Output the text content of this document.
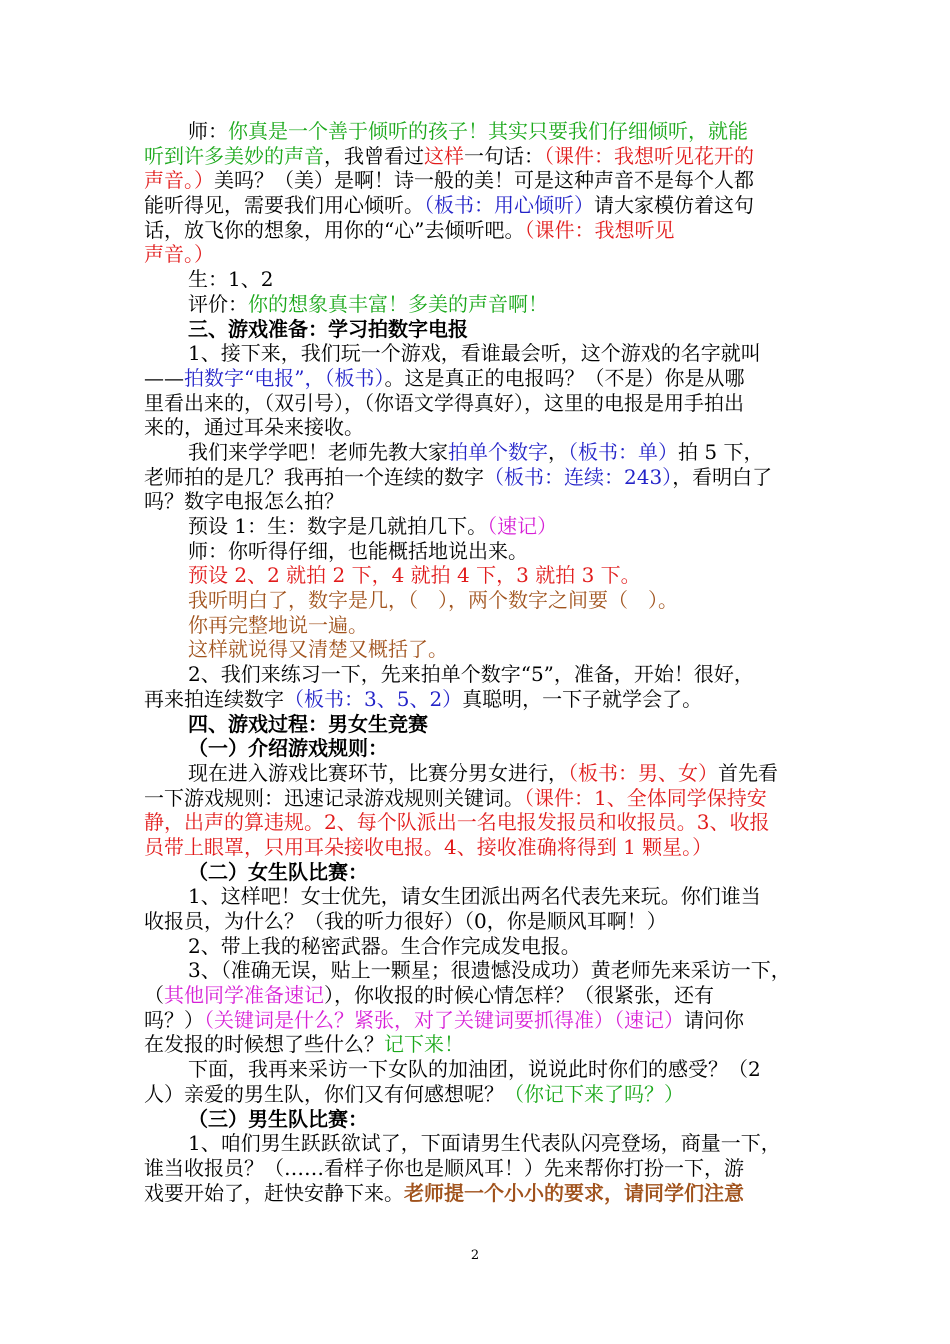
师：你真是一个善于倾听的孩子！其实只要我们仔细倾听，就能
听到许多美妙的声音，我曾看过这样一句话：（课件：我想听见花开的
声音。）美吗？（美）是啊！诗一般的美！可是这种声音不是每个人都
能听得见，需要我们用心倾听。（板书：用心倾听）请大家模仿着这句
话，放飞你的想象，用你的“心”去倾听吧。（课件：我想听见
声音。）
生：1、2
评价：你的想象真丰富！多美的声音啊！
三、游戏准备：学习拍数字电报
1、接下来，我们玩一个游戏，看谁最会听，这个游戏的名字就叫
——拍数字“电报”，（板书）。这是真正的电报吗？（不是）你是从哪
里看出来的，（双引号），（你语文学得真好），这里的电报是用手拍出
来的，通过耳朵来接收。
我们来学学吧！老师先教大家拍单个数字，（板书：单）拍 5 下，
老师拍的是几？我再拍一个连续的数字（板书：连续：243），看明白了
吗？数字电报怎么拍？
预设 1：生：数字是几就拍几下。（速记）
师：你听得仔细，也能概括地说出来。
预设 2、2 就拍 2 下，4 就拍 4 下，3 就拍 3 下。
我听明白了，数字是几，（　），两个数字之间要（　）。
你再完整地说一遍。
这样就说得又清楚又概括了。
2、我们来练习一下，先来拍单个数字“5”，准备，开始！很好，
再来拍连续数字（板书：3、5、2）真聪明，一下子就学会了。
四、游戏过程：男女生竞赛
（一）介绍游戏规则：
现在进入游戏比赛环节，比赛分男女进行，（板书：男、女）首先看
一下游戏规则：迅速记录游戏规则关键词。（课件：1、全体同学保持安
静，出声的算违规。2、每个队派出一名电报发报员和收报员。3、收报
员带上眼罩，只用耳朵接收电报。4、接收准确将得到 1 颗星。）
（二）女生队比赛：
1、这样吧！女士优先，请女生团派出两名代表先来玩。你们谁当
收报员，为什么？（我的听力很好）（0，你是顺风耳啊！）
2、带上我的秘密武器。生合作完成发电报。
3、（准确无误，贴上一颗星；很遗憾没成功）黄老师先来采访一下，
（其他同学准备速记），你收报的时候心情怎样？（很紧张，还有
吗？）（关键词是什么？紧张，对了关键词要抓得准）（速记）请问你
在发报的时候想了些什么？记下来！
下面，我再来采访一下女队的加油团，说说此时你们的感受？（2
人）亲爱的男生队，你们又有何感想呢？（你记下来了吗？）
（三）男生队比赛：
1、咱们男生跃跃欲试了，下面请男生代表队闪亮登场，商量一下，
谁当收报员？（……看样子你也是顺风耳！）先来帮你打扮一下，游
戏要开始了，赶快安静下来。老师提一个小小的要求，请同学们注意
2
